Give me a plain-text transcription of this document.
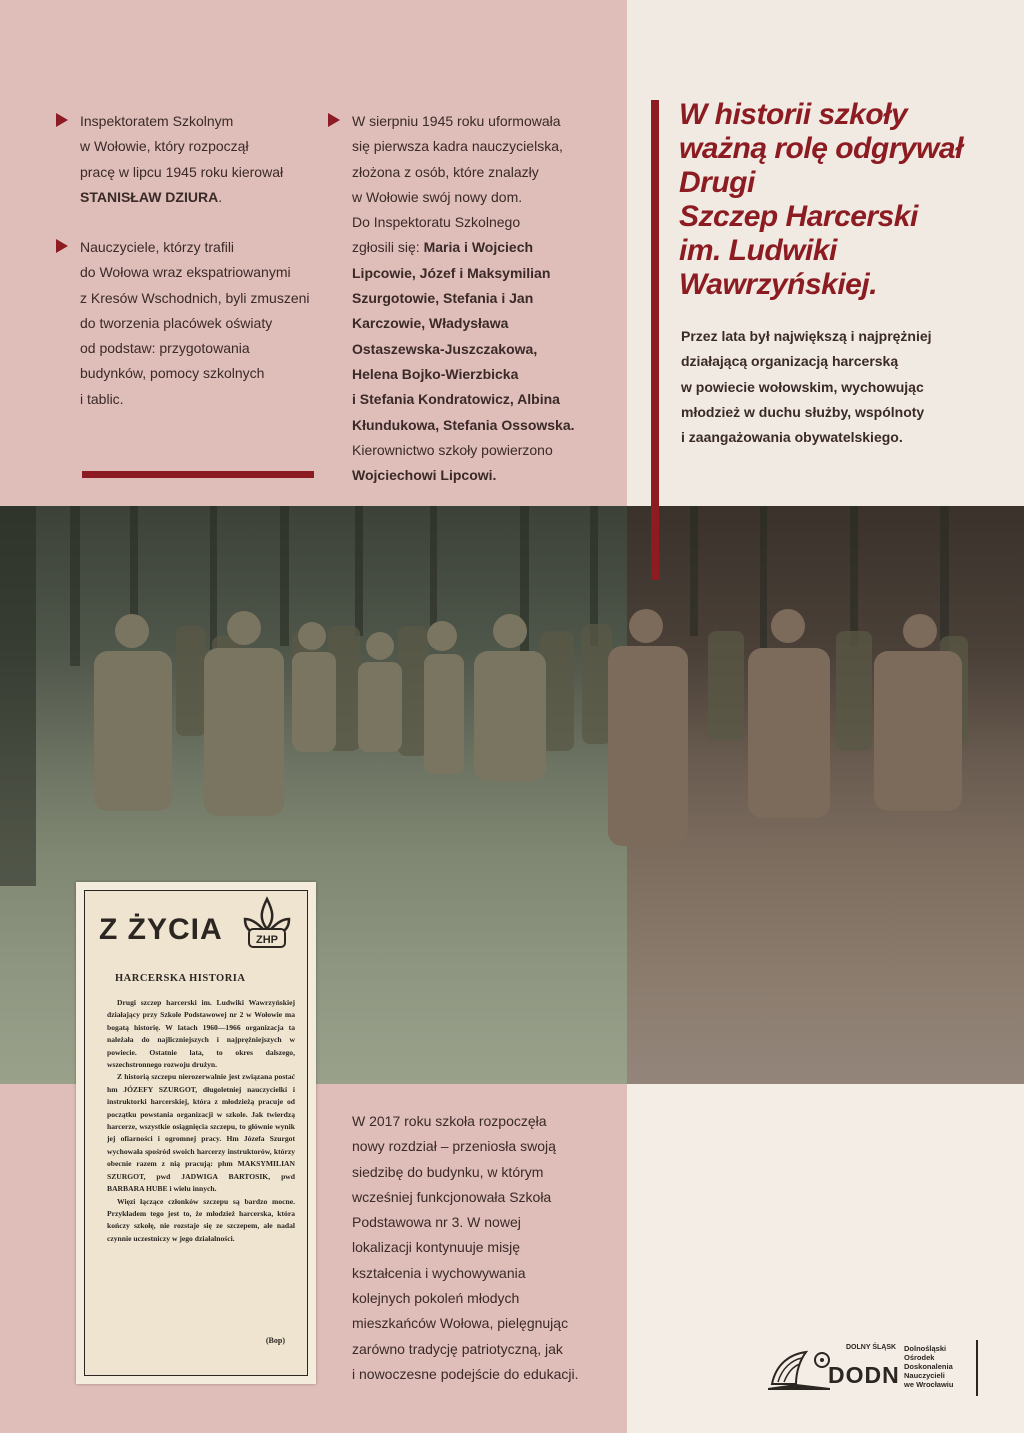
Inspektoratem Szkolnym

w Wołowie, który rozpoczął

pracę w lipcu 1945 roku kierował

STANISŁAW DZIURA.

Nauczyciele, którzy trafili

do Wołowa wraz ekspatriowanymi

z Kresów Wschodnich, byli zmuszeni

do tworzenia placówek oświaty

od podstaw: przygotowania

budynków, pomocy szkolnych

i tablic.

W sierpniu 1945 roku uformowała

się pierwsza kadra nauczycielska,

złożona z osób, które znalazły

w Wołowie swój nowy dom.

Do Inspektoratu Szkolnego

zgłosili się: Maria i Wojciech

Lipcowie, Józef i Maksymilian

Szurgotowie, Stefania i Jan

Karczowie, Władysława

Ostaszewska-Juszczakowa,

Helena Bojko-Wierzbicka

i Stefania Kondratowicz, Albina

Kłundukowa, Stefania Ossowska.

Kierownictwo szkoły powierzono

Wojciechowi Lipcowi.

W historii szkoły
ważną rolę odgrywał
Drugi
Szczep Harcerski
im. Ludwiki
Wawrzyńskiej.
Przez lata był największą i najprężniej
działającą organizacją harcerską
w powiecie wołowskim, wychowując
młodzież w duchu służby, wspólnoty
i zaangażowania obywatelskiego.
Z ŻYCIA	ZHP
HARCERSKA HISTORIA

Drugi szczep harcerski im. Ludwiki Wawrzyńskiej działający przy Szkole Podstawowej nr 2 w Wołowie ma bogatą historię. W latach 1960—1966 organizacja ta należała do najliczniejszych i najprężniejszych w powiecie. Ostatnie lata, to okres dalszego, wszechstronnego rozwoju drużyn.

Z historią szczepu nierozerwalnie jest związana postać hm JÓZEFY SZURGOT, długoletniej nauczycielki i instruktorki harcerskiej, która z młodzieżą pracuje od początku powstania organizacji w szkole. Jak twierdzą harcerze, wszystkie osiągnięcia szczepu, to głównie wynik jej ofiarności i ogromnej pracy. Hm Józefa Szurgot wychowała spośród swoich harcerzy instruktorów, którzy obecnie razem z nią pracują: phm MAKSYMILIAN SZURGOT, pwd JADWIGA BARTOSIK, pwd BARBARA HUBE i wielu innych.

Więzi łączące członków szczepu są bardzo mocne. Przykładem tego jest to, że młodzież harcerska, która kończy szkołę, nie rozstaje się ze szczepem, ale nadal czynnie uczestniczy w jego działalności.

(Bop)
W 2017 roku szkoła rozpoczęła
nowy rozdział – przeniosła swoją
siedzibę do budynku, w którym
wcześniej funkcjonowała Szkoła
Podstawowa nr 3. W nowej
lokalizacji kontynuuje misję
kształcenia i wychowywania
kolejnych pokoleń młodych
mieszkańców Wołowa, pielęgnując
zarówno tradycję patriotyczną, jak
i nowoczesne podejście do edukacji.
DOLNY ŚLĄSK
DODN
Dolnośląski
Ośrodek
Doskonalenia
Nauczycieli
we Wrocławiu
